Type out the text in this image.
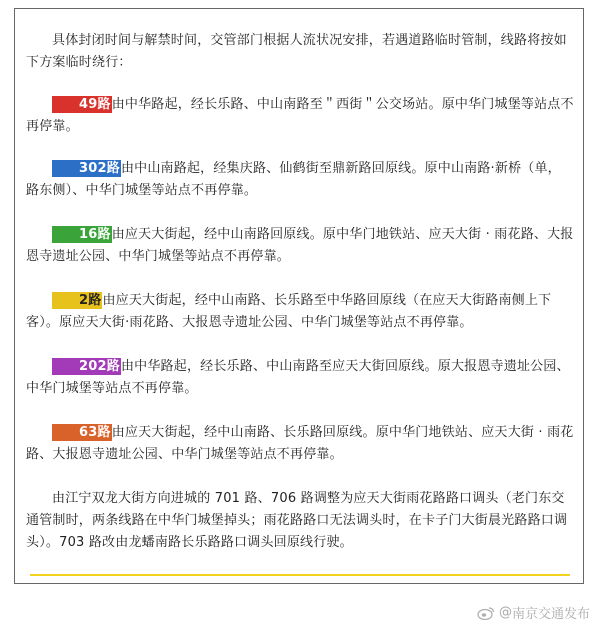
具体封闭时间与解禁时间，交管部门根据人流状况安排，若遇道路临时管制，线路将按如下方案临时绕行：
49路由中华路起，经长乐路、中山南路至＂西街＂公交场站。原中华门城堡等站点不再停靠。
302路由中山南路起，经集庆路、仙鹤街至鼎新路回原线。原中山南路·新桥（单，路东侧）、中华门城堡等站点不再停靠。
16路由应天大街起，经中山南路回原线。原中华门地铁站、应天大街 · 雨花路、大报恩寺遗址公园、中华门城堡等站点不再停靠。
2路由应天大街起，经中山南路、长乐路至中华路回原线（在应天大街路南侧上下客）。原应天大街·雨花路、大报恩寺遗址公园、中华门城堡等站点不再停靠。
202路由中华路起，经长乐路、中山南路至应天大街回原线。原大报恩寺遗址公园、中华门城堡等站点不再停靠。
63路由应天大街起，经中山南路、长乐路回原线。原中华门地铁站、应天大街 · 雨花路、大报恩寺遗址公园、中华门城堡等站点不再停靠。
由江宁双龙大街方向进城的 701 路、706 路调整为应天大街雨花路路口调头（老门东交通管制时，两条线路在中华门城堡掉头；雨花路路口无法调头时，在卡子门大街晨光路路口调头）。703 路改由龙蟠南路长乐路路口调头回原线行驶。
@ 南京交通发布
